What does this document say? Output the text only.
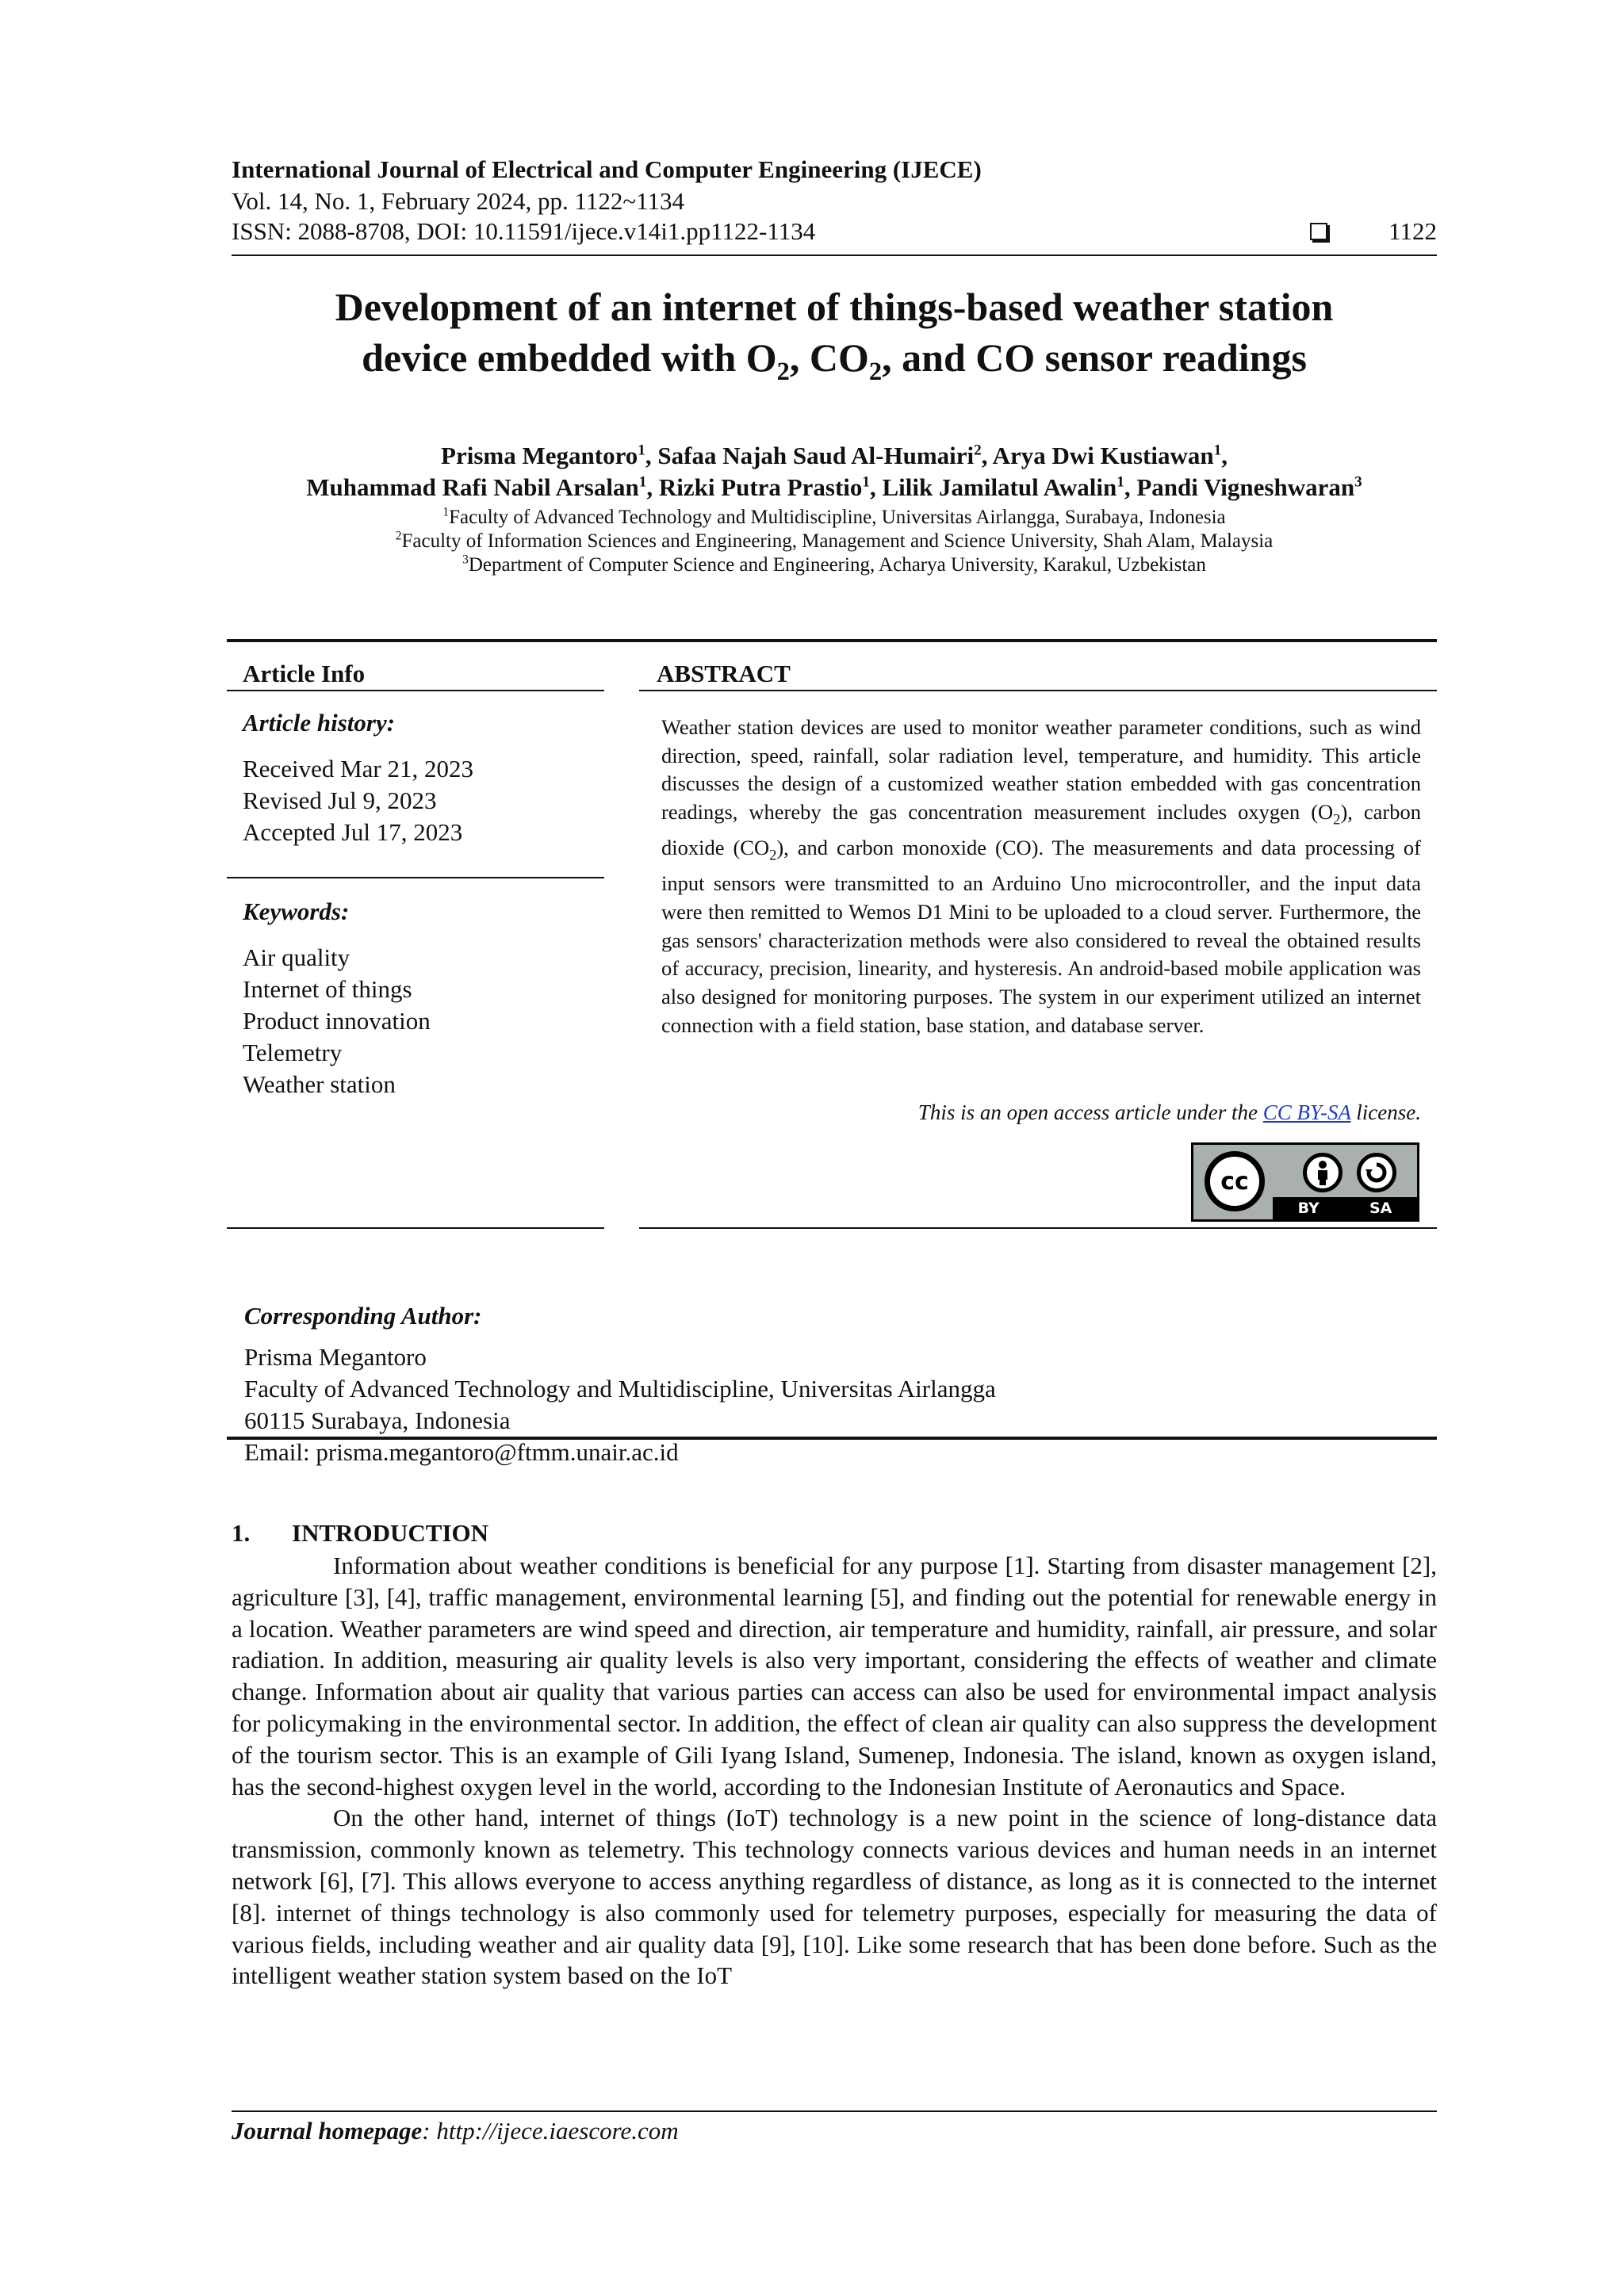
International Journal of Electrical and Computer Engineering (IJECE)
Vol. 14, No. 1, February 2024, pp. 1122~1134
ISSN: 2088-8708, DOI: 10.11591/ijece.v14i1.pp1122-1134	1122
Development of an internet of things-based weather station
device embedded with $O_2$, $CO_2$, and CO sensor readings
Prisma Megantoro$^1$, Safaa Najah Saud Al-Humairi$^2$, Arya Dwi Kustiawan$^1$,
Muhammad Rafi Nabil Arsalan$^1$, Rizki Putra Prastio$^1$, Lilik Jamilatul Awalin$^1$, Pandi Vigneshwaran$^3$
$^1$Faculty of Advanced Technology and Multidiscipline, Universitas Airlangga, Surabaya, Indonesia
$^2$Faculty of Information Sciences and Engineering, Management and Science University, Shah Alam, Malaysia
$^3$Department of Computer Science and Engineering, Acharya University, Karakul, Uzbekistan
Article Info
Article history:
Received Mar 21, 2023
Revised Jul 9, 2023
Accepted Jul 17, 2023
Keywords:
Air quality
Internet of things
Product innovation
Telemetry
Weather station
ABSTRACT
Weather station devices are used to monitor weather parameter conditions, such as wind direction, speed, rainfall, solar radiation level, temperature, and humidity. This article discusses the design of a customized weather station embedded with gas concentration readings, whereby the gas concentration measurement includes oxygen $(O_2)$, carbon dioxide $(CO_2)$, and carbon monoxide (CO). The measurements and data processing of input sensors were transmitted to an Arduino Uno microcontroller, and the input data were then remitted to Wemos D1 Mini to be uploaded to a cloud server. Furthermore, the gas sensors' characterization methods were also considered to reveal the obtained results of accuracy, precision, linearity, and hysteresis. An android-based mobile application was also designed for monitoring purposes. The system in our experiment utilized an internet connection with a field station, base station, and database server.
This is an open access article under the CC BY-SA license.
cc
BY	SA
Corresponding Author:
Prisma Megantoro
Faculty of Advanced Technology and Multidiscipline, Universitas Airlangga
60115 Surabaya, Indonesia
Email: prisma.megantoro@ftmm.unair.ac.id
1. INTRODUCTION

Information about weather conditions is beneficial for any purpose [1]. Starting from disaster management [2], agriculture [3], [4], traffic management, environmental learning [5], and finding out the potential for renewable energy in a location. Weather parameters are wind speed and direction, air temperature and humidity, rainfall, air pressure, and solar radiation. In addition, measuring air quality levels is also very important, considering the effects of weather and climate change. Information about air quality that various parties can access can also be used for environmental impact analysis for policymaking in the environmental sector. In addition, the effect of clean air quality can also suppress the development of the tourism sector. This is an example of Gili Iyang Island, Sumenep, Indonesia. The island, known as oxygen island, has the second-highest oxygen level in the world, according to the Indonesian Institute of Aeronautics and Space.

On the other hand, internet of things (IoT) technology is a new point in the science of long-distance data transmission, commonly known as telemetry. This technology connects various devices and human needs in an internet network [6], [7]. This allows everyone to access anything regardless of distance, as long as it is connected to the internet [8]. internet of things technology is also commonly used for telemetry purposes, especially for measuring the data of various fields, including weather and air quality data [9], [10]. Like some research that has been done before. Such as the intelligent weather station system based on the IoT

Journal homepage: http://ijece.iaescore.com
